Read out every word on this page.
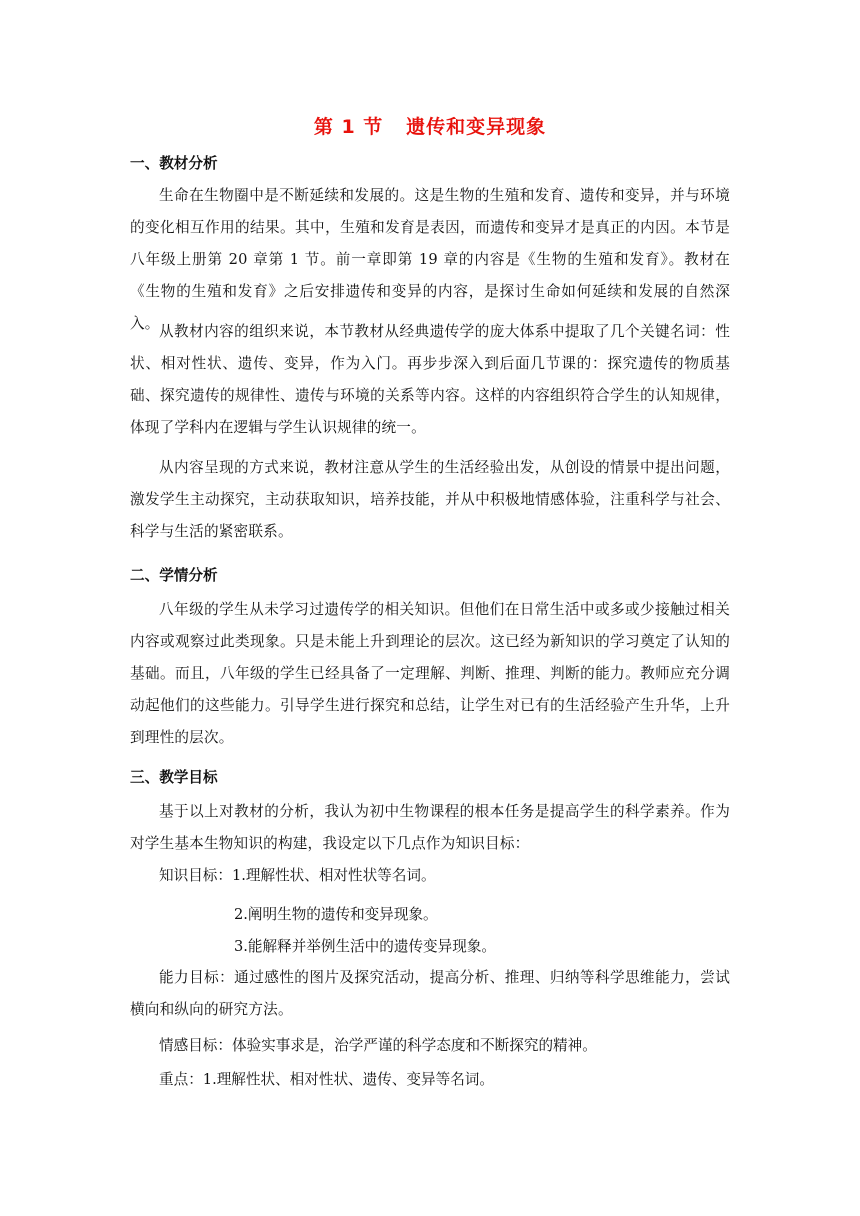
第 1 节   遗传和变异现象
一、教材分析
生命在生物圈中是不断延续和发展的。这是生物的生殖和发育、遗传和变异，并与环境的变化相互作用的结果。其中，生殖和发育是表因，而遗传和变异才是真正的内因。本节是八年级上册第 20 章第 1 节。前一章即第 19 章的内容是《生物的生殖和发育》。教材在《生物的生殖和发育》之后安排遗传和变异的内容，是探讨生命如何延续和发展的自然深入。 从教材内容的组织来说，本节教材从经典遗传学的庞大体系中提取了几个关键名词：性状、相对性状、遗传、变异，作为入门。再步步深入到后面几节课的：探究遗传的物质基础、探究遗传的规律性、遗传与环境的关系等内容。这样的内容组织符合学生的认知规律，体现了学科内在逻辑与学生认识规律的统一。
从内容呈现的方式来说，教材注意从学生的生活经验出发，从创设的情景中提出问题，激发学生主动探究，主动获取知识，培养技能，并从中积极地情感体验，注重科学与社会、科学与生活的紧密联系。
二、学情分析
八年级的学生从未学习过遗传学的相关知识。但他们在日常生活中或多或少接触过相关内容或观察过此类现象。只是未能上升到理论的层次。这已经为新知识的学习奠定了认知的基础。而且，八年级的学生已经具备了一定理解、判断、推理、判断的能力。教师应充分调动起他们的这些能力。引导学生进行探究和总结，让学生对已有的生活经验产生升华，上升到理性的层次。
三、教学目标
基于以上对教材的分析，我认为初中生物课程的根本任务是提高学生的科学素养。作为对学生基本生物知识的构建，我设定以下几点作为知识目标：
知识目标：1.理解性状、相对性状等名词。
2.阐明生物的遗传和变异现象。
3.能解释并举例生活中的遗传变异现象。
能力目标：通过感性的图片及探究活动，提高分析、推理、归纳等科学思维能力，尝试横向和纵向的研究方法。
情感目标：体验实事求是，治学严谨的科学态度和不断探究的精神。
重点：1.理解性状、相对性状、遗传、变异等名词。
